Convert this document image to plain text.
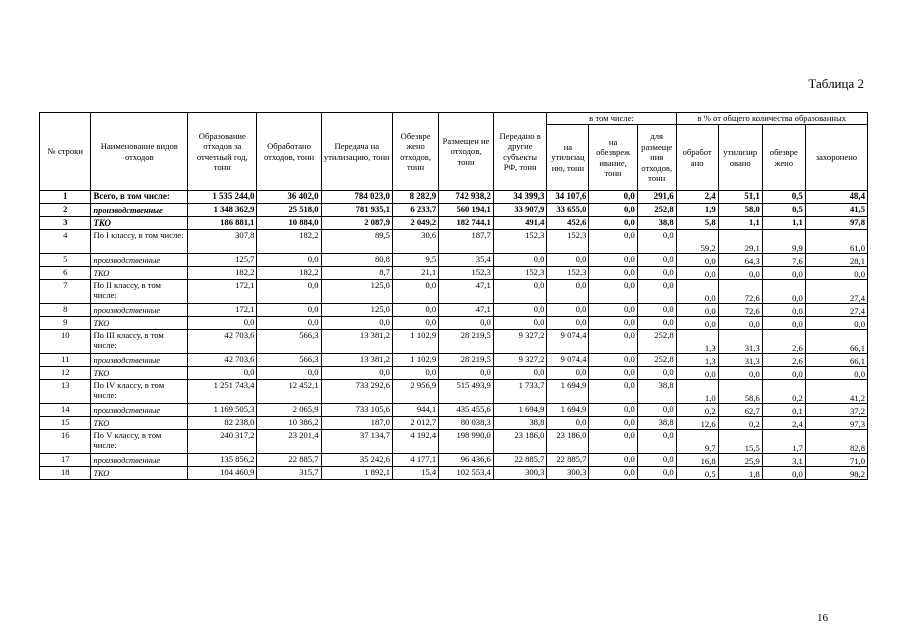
Таблица 2
№ строки	Наименование видов отходов	Образование отходов за отчетный год, тонн	Обработано отходов, тонн	Передача на утилизацию, тонн	Обезвре жено отходов, тонн	Размещен ие отходов, тонн	Передано в другие субъекты РФ, тонн	в том числе:			в % от общего количества образованных			
								на утилизац ию, тонн	на обезвреж ивание, тонн	для размеще ния отходов, тонн	обработ ано	утилизир овано	обезвре жено	захоронено
1	Всего, в том числе:	1 535 244,0	36 402,0	784 023,0	8 282,9	742 938,2	34 399,3	34 107,6	0,0	291,6	2,4	51,1	0,5	48,4
2	производственные	1 348 362,9	25 518,0	781 935,1	6 233,7	560 194,1	33 907,9	33 655,0	0,0	252,8	1,9	58,0	0,5	41,5
3	ТКО	186 881,1	10 884,0	2 087,9	2 049,2	182 744,1	491,4	452,6	0,0	38,8	5,8	1,1	1,1	97,8
4	По I классу, в том числе:	307,8	182,2	89,5	30,6	187,7	152,3	152,3	0,0	0,0	59,2	29,1	9,9	61,0
5	производственные	125,7	0,0	80,8	9,5	35,4	0,0	0,0	0,0	0,0	0,0	64,3	7,6	28,1
6	ТКО	182,2	182,2	8,7	21,1	152,3	152,3	152,3	0,0	0,0	0,0	0,0	0,0	0,0
7	По II классу, в том числе:	172,1	0,0	125,0	0,0	47,1	0,0	0,0	0,0	0,0	0,0	72,6	0,0	27,4
8	производственные	172,1	0,0	125,0	0,0	47,1	0,0	0,0	0,0	0,0	0,0	72,6	0,0	27,4
9	ТКО	0,0	0,0	0,0	0,0	0,0	0,0	0,0	0,0	0,0	0,0	0,0	0,0	0,0
10	По III классу, в том числе:	42 703,6	566,3	13 381,2	1 102,9	28 219,5	9 327,2	9 074,4	0,0	252,8	1,3	31,3	2,6	66,1
11	производственные	42 703,6	566,3	13 381,2	1 102,9	28 219,5	9 327,2	9 074,4	0,0	252,8	1,3	31,3	2,6	66,1
12	ТКО	0,0	0,0	0,0	0,0	0,0	0,0	0,0	0,0	0,0	0,0	0,0	0,0	0,0
13	По IV классу, в том числе:	1 251 743,4	12 452,1	733 292,6	2 956,9	515 493,9	1 733,7	1 694,9	0,0	38,8	1,0	58,6	0,2	41,2
14	производственные	1 169 505,3	2 065,9	733 105,6	944,1	435 455,6	1 694,9	1 694,9	0,0	0,0	0,2	62,7	0,1	37,2
15	ТКО	82 238,0	10 386,2	187,0	2 012,7	80 038,3	38,8	0,0	0,0	38,8	12,6	0,2	2,4	97,3
16	По V классу, в том числе:	240 317,2	23 201,4	37 134,7	4 192,4	198 990,0	23 186,0	23 186,0	0,0	0,0	9,7	15,5	1,7	82,8
17	производственные	135 856,2	22 885,7	35 242,6	4 177,1	96 436,6	22 885,7	22 885,7	0,0	0,0	16,8	25,9	3,1	71,0
18	ТКО	104 460,9	315,7	1 892,1	15,4	102 553,4	300,3	300,3	0,0	0,0	0,5	1,8	0,0	98,2
16
